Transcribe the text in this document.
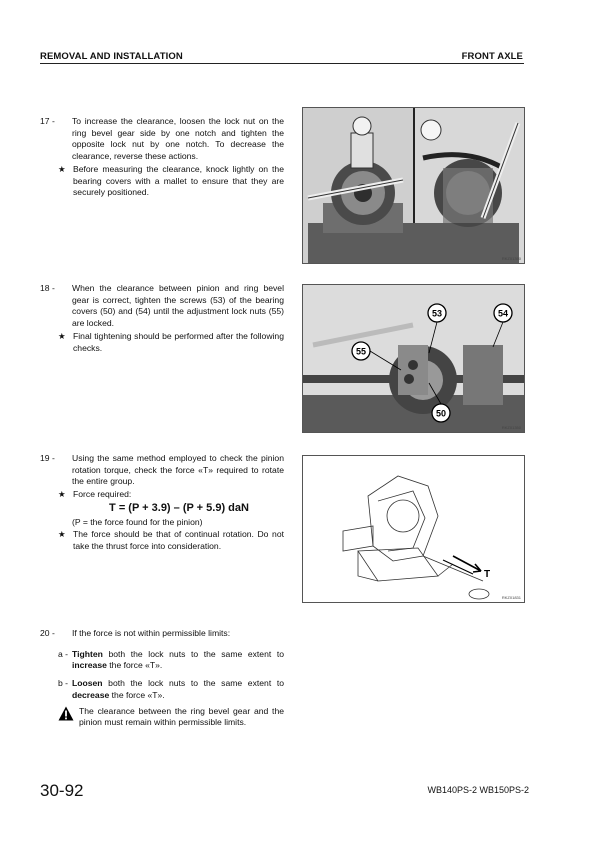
REMOVAL AND INSTALLATION	FRONT AXLE
17 -	To increase the clearance, loosen the lock nut on the ring bevel gear side by one notch and tighten the opposite lock nut by one notch. To decrease the clearance, reverse these actions.
★ Before measuring the clearance, knock lightly on the bearing covers with a mallet to ensure that they are securely positioned.
RKZ01390
18 -	When the clearance between pinion and ring bevel gear is correct, tighten the screws (53) of the bearing covers (50) and (54) until the adjustment lock nuts (55) are locked.
★ Final tightening should be performed after the following checks.
53	54
55
50
RKZ01350
19 -	Using the same method employed to check the pinion rotation torque, check the force «T» required to rotate the entire group.
★ Force required:
T = (P + 3.9) – (P + 5.9) daN
(P = the force found for the pinion)
★ The force should be that of continual rotation. Do not take the thrust force into consideration.
T
RKZ01831
20 -	If the force is not within permissible limits:
a - Tighten both the lock nuts to the same extent to increase the force «T».
b - Loosen both the lock nuts to the same extent to decrease the force «T».
The clearance between the ring bevel gear and the pinion must remain within permissible limits.
30-92	WB140PS-2 WB150PS-2
